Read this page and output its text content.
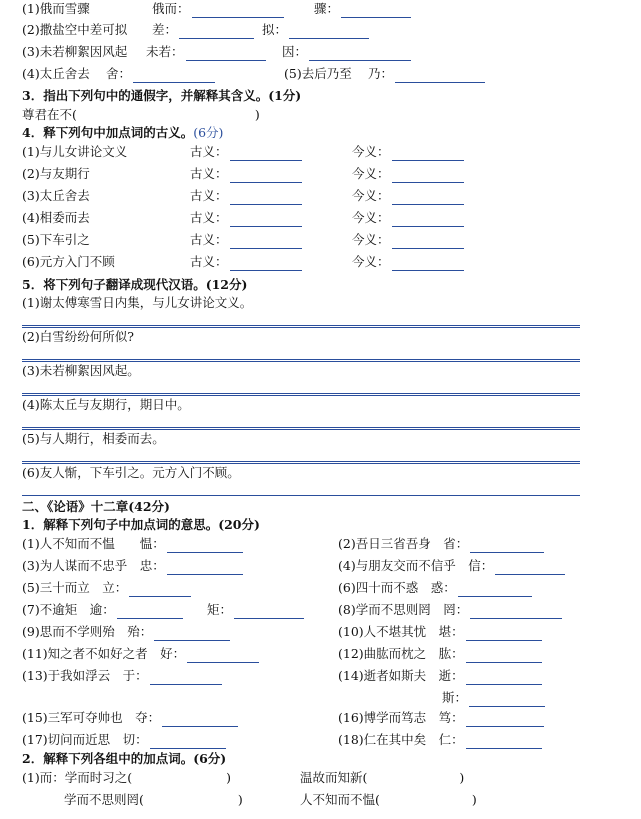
(1)俄而雪骤	俄而：	骤：
(2)撒盐空中差可拟 差：	拟：
(3)未若柳絮因风起 未若：	因：
(4)太丘舍去 舍：	(5)去后乃至 乃：
3．指出下列句中的通假字，并解释其含义。(1分)
尊君在不(	)
4．释下列句中加点词的古义。(6分)
(1)与儿女讲论文义	古义：	今义：
(2)与友期行	古义：	今义：
(3)太丘舍去	古义：	今义：
(4)相委而去	古义：	今义：
(5)下车引之	古义：	今义：
(6)元方入门不顾	古义：	今义：
5．将下列句子翻译成现代汉语。(12分)
(1)谢太傅寒雪日内集，与儿女讲论文义。
(2)白雪纷纷何所似?
(3)未若柳絮因风起。
(4)陈太丘与友期行，期日中。
(5)与人期行，相委而去。
(6)友人惭，下车引之。元方入门不顾。
二、《论语》十二章(42分)
1．解释下列句子中加点词的意思。(20分)
(1)人不知而不愠　　愠：	(2)吾日三省吾身　省：
(3)为人谋而不忠乎　忠：	(4)与朋友交而不信乎　信：
(5)三十而立　立：	(6)四十而不惑　惑：
(7)不逾矩　逾：	矩：	(8)学而不思则罔　罔：
(9)思而不学则殆　殆：	(10)人不堪其忧　堪：
(11)知之者不如好之者　好：	(12)曲肱而枕之　肱：
(13)于我如浮云　于：	(14)逝者如斯夫　逝：
斯：
(15)三军可夺帅也　夺：	(16)博学而笃志　笃：
(17)切问而近思　切：	(18)仁在其中矣　仁：
2．解释下列各组中的加点词。(6分)
(1)而：学而时习之(	)	温故而知新(	)
学而不思则罔(	)	人不知而不愠(	)
